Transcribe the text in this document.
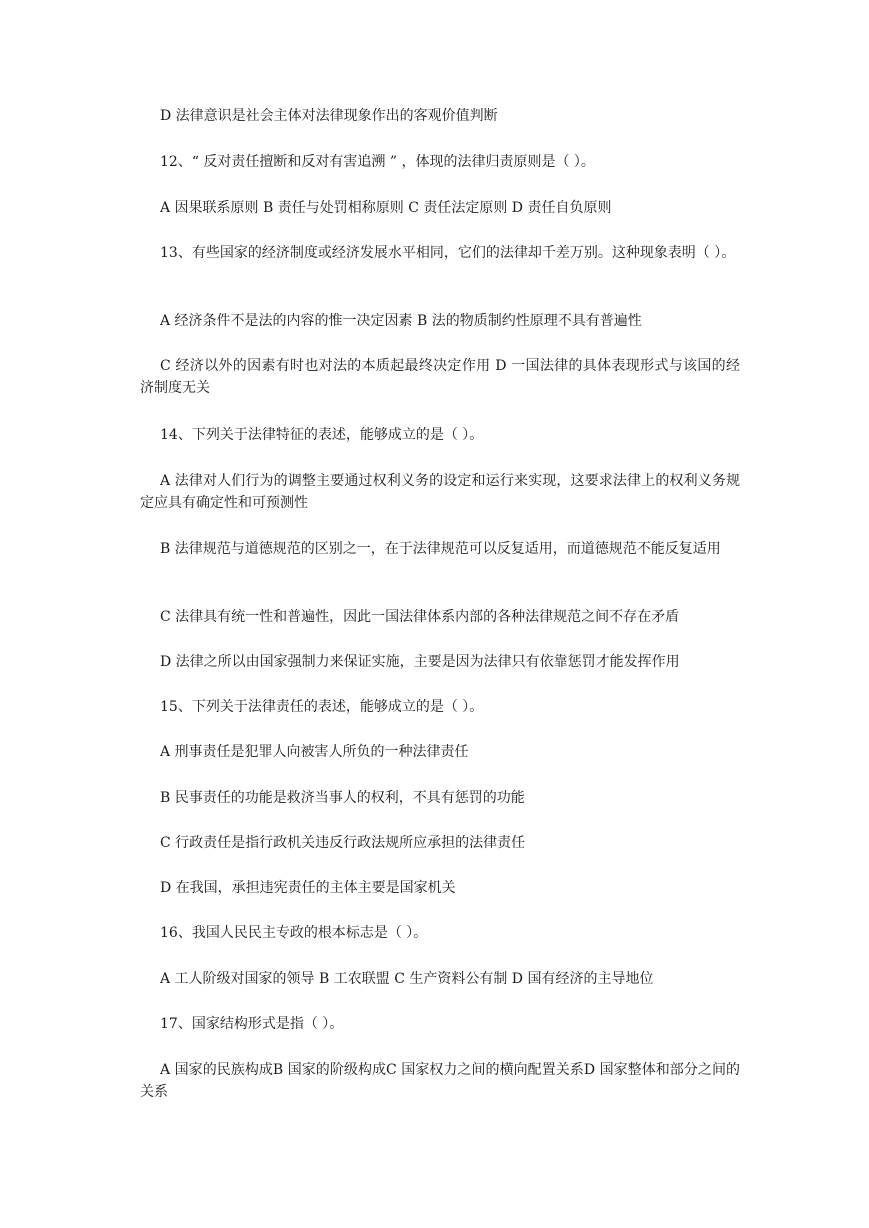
D 法律意识是社会主体对法律现象作出的客观价值判断

12、“ 反对责任擅断和反对有害追溯 ” ，体现的法律归责原则是（ ）。

A 因果联系原则 B 责任与处罚相称原则 C 责任法定原则 D 责任自负原则

13、有些国家的经济制度或经济发展水平相同，它们的法律却千差万别。这种现象表明（ ）。

A 经济条件不是法的内容的惟一决定因素 B 法的物质制约性原理不具有普遍性

C 经济以外的因素有时也对法的本质起最终决定作用 D 一国法律的具体表现形式与该国的经济制度无关

14、下列关于法律特征的表述，能够成立的是（ ）。

A 法律对人们行为的调整主要通过权利义务的设定和运行来实现，这要求法律上的权利义务规定应具有确定性和可预测性

B 法律规范与道德规范的区别之一，在于法律规范可以反复适用，而道德规范不能反复适用

C 法律具有统一性和普遍性，因此一国法律体系内部的各种法律规范之间不存在矛盾

D 法律之所以由国家强制力来保证实施，主要是因为法律只有依靠惩罚才能发挥作用

15、下列关于法律责任的表述，能够成立的是（ ）。

A 刑事责任是犯罪人向被害人所负的一种法律责任

B 民事责任的功能是救济当事人的权利，不具有惩罚的功能

C 行政责任是指行政机关违反行政法规所应承担的法律责任

D 在我国，承担违宪责任的主体主要是国家机关

16、我国人民民主专政的根本标志是（ ）。

A 工人阶级对国家的领导 B 工农联盟 C 生产资料公有制 D 国有经济的主导地位

17、国家结构形式是指（ ）。

A 国家的民族构成B 国家的阶级构成C 国家权力之间的横向配置关系D 国家整体和部分之间的关系
